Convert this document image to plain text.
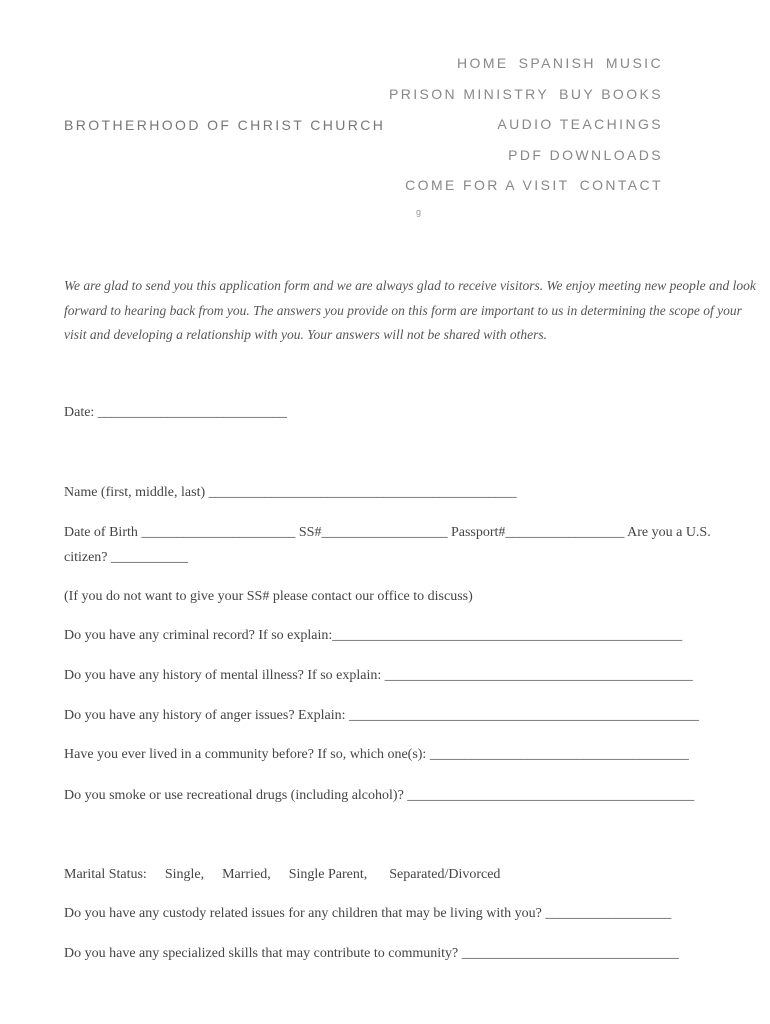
BROTHERHOOD OF CHRIST CHURCH
HOME SPANISH MUSIC
PRISON MINISTRY BUY BOOKS
AUDIO TEACHINGS
PDF DOWNLOADS
COME FOR A VISIT CONTACT
g
We are glad to send you this application form and we are always glad to receive visitors. We enjoy meeting new people and look
forward to hearing back from you. The answers you provide on this form are important to us in determining the scope of your
visit and developing a relationship with you. Your answers will not be shared with others.
Date: ___________________________
Name (first, middle, last) ____________________________________________
Date of Birth ______________________ SS#__________________ Passport#_________________ Are you a U.S.
citizen? ___________
(If you do not want to give your SS# please contact our office to discuss)
Do you have any criminal record? If so explain:__________________________________________________
Do you have any history of mental illness? If so explain: ____________________________________________
Do you have any history of anger issues? Explain: __________________________________________________
Have you ever lived in a community before? If so, which one(s): _____________________________________
Do you smoke or use recreational drugs (including alcohol)? _________________________________________
Marital Status: Single, Married, Single Parent, Separated/Divorced
Do you have any custody related issues for any children that may be living with you? __________________
Do you have any specialized skills that may contribute to community? _______________________________
